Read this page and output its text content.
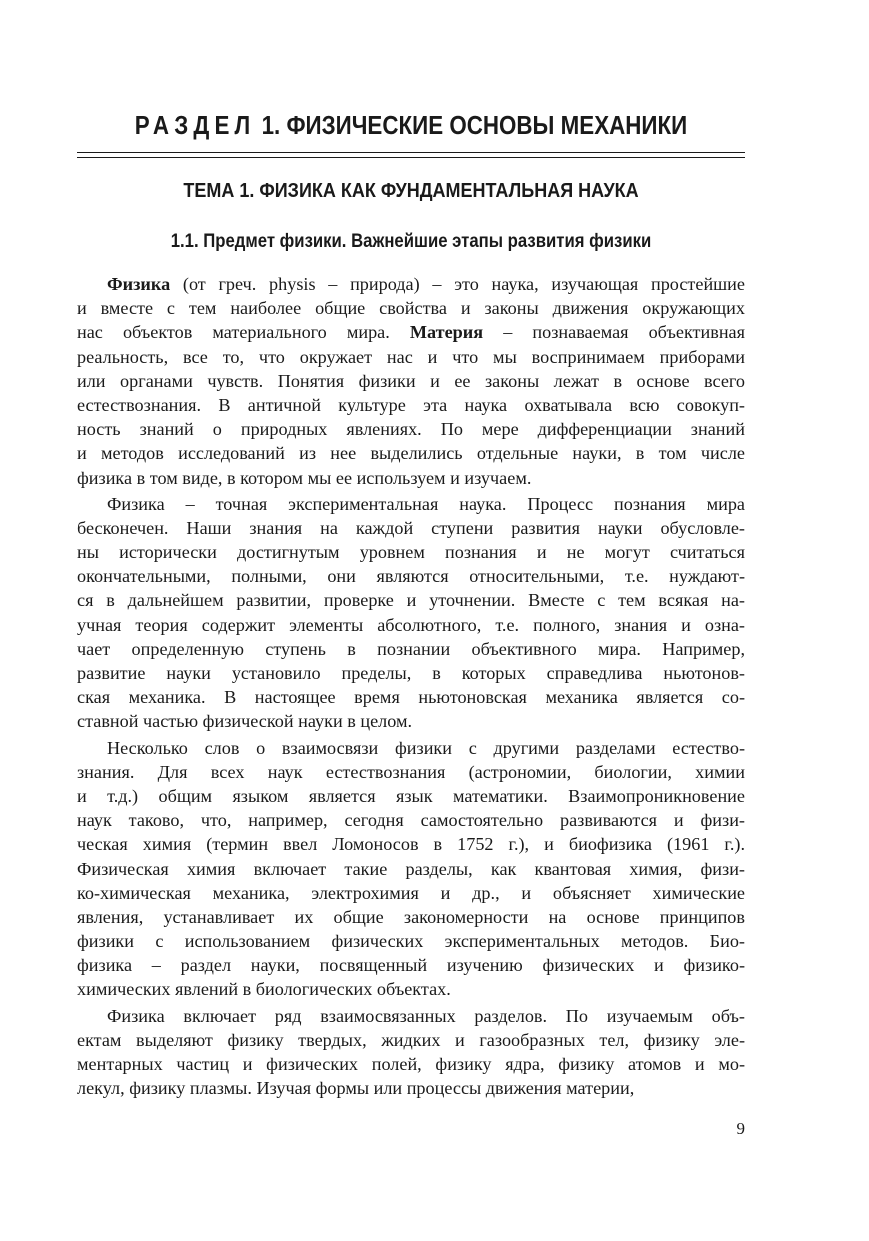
РАЗДЕЛ 1. ФИЗИЧЕСКИЕ ОСНОВЫ МЕХАНИКИ
ТЕМА 1. ФИЗИКА КАК ФУНДАМЕНТАЛЬНАЯ НАУКА
1.1. Предмет физики. Важнейшие этапы развития физики

Физика (от греч. physis – природа) – это наука, изучающая простейшие
и вместе с тем наиболее общие свойства и законы движения окружающих
нас объектов материального мира. Материя – познаваемая объективная
реальность, все то, что окружает нас и что мы воспринимаем приборами
или органами чувств. Понятия физики и ее законы лежат в основе всего
естествознания. В античной культуре эта наука охватывала всю совокуп-
ность знаний о природных явлениях. По мере дифференциации знаний
и методов исследований из нее выделились отдельные науки, в том числе
физика в том виде, в котором мы ее используем и изучаем.

Физика – точная экспериментальная наука. Процесс познания мира
бесконечен. Наши знания на каждой ступени развития науки обусловле-
ны исторически достигнутым уровнем познания и не могут считаться
окончательными, полными, они являются относительными, т.е. нуждают-
ся в дальнейшем развитии, проверке и уточнении. Вместе с тем всякая на-
учная теория содержит элементы абсолютного, т.е. полного, знания и озна-
чает определенную ступень в познании объективного мира. Например,
развитие науки установило пределы, в которых справедлива ньютонов-
ская механика. В настоящее время ньютоновская механика является со-
ставной частью физической науки в целом.

Несколько слов о взаимосвязи физики с другими разделами естество-
знания. Для всех наук естествознания (астрономии, биологии, химии
и т.д.) общим языком является язык математики. Взаимопроникновение
наук таково, что, например, сегодня самостоятельно развиваются и физи-
ческая химия (термин ввел Ломоносов в 1752 г.), и биофизика (1961 г.).
Физическая химия включает такие разделы, как квантовая химия, физи-
ко-химическая механика, электрохимия и др., и объясняет химические
явления, устанавливает их общие закономерности на основе принципов
физики с использованием физических экспериментальных методов. Био-
физика – раздел науки, посвященный изучению физических и физико-
химических явлений в биологических объектах.

Физика включает ряд взаимосвязанных разделов. По изучаемым объ-
ектам выделяют физику твердых, жидких и газообразных тел, физику эле-
ментарных частиц и физических полей, физику ядра, физику атомов и мо-
лекул, физику плазмы. Изучая формы или процессы движения материи,

9
